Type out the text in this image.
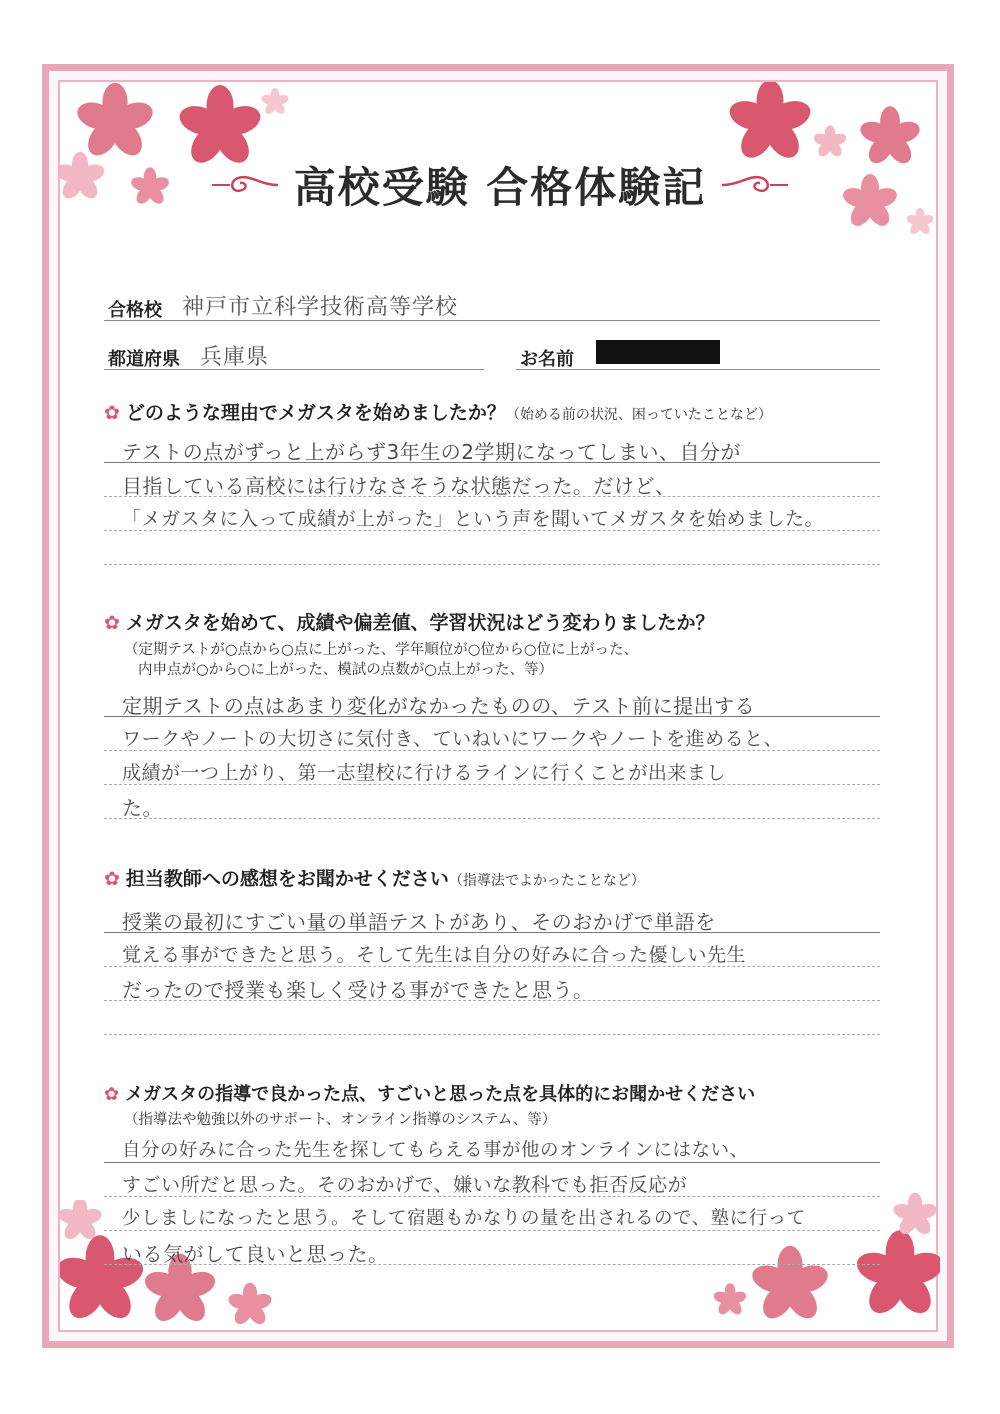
高校受験 合格体験記
合格校 神戸市立科学技術高等学校
都道府県 兵庫県	お名前
✿ どのような理由でメガスタを始めましたか？（始める前の状況、困っていたことなど）
テストの点がずっと上がらず3年生の2学期になってしまい、自分が
目指している高校には行けなさそうな状態だった。だけど、
「メガスタに入って成績が上がった」という声を聞いてメガスタを始めました。
✿ メガスタを始めて、成績や偏差値、学習状況はどう変わりましたか？
（定期テストが○点から○点に上がった、学年順位が○位から○位に上がった、
内申点が○から○に上がった、模試の点数が○点上がった、等）
定期テストの点はあまり変化がなかったものの、テスト前に提出する
ワークやノートの大切さに気付き、ていねいにワークやノートを進めると、
成績が一つ上がり、第一志望校に行けるラインに行くことが出来まし
た。
✿ 担当教師への感想をお聞かせください（指導法でよかったことなど）
授業の最初にすごい量の単語テストがあり、そのおかげで単語を
覚える事ができたと思う。そして先生は自分の好みに合った優しい先生
だったので授業も楽しく受ける事ができたと思う。
✿ メガスタの指導で良かった点、すごいと思った点を具体的にお聞かせください
（指導法や勉強以外のサポート、オンライン指導のシステム、等）
自分の好みに合った先生を探してもらえる事が他のオンラインにはない、
すごい所だと思った。そのおかげで、嫌いな教科でも拒否反応が
少しましになったと思う。そして宿題もかなりの量を出されるので、塾に行って
いる気がして良いと思った。
